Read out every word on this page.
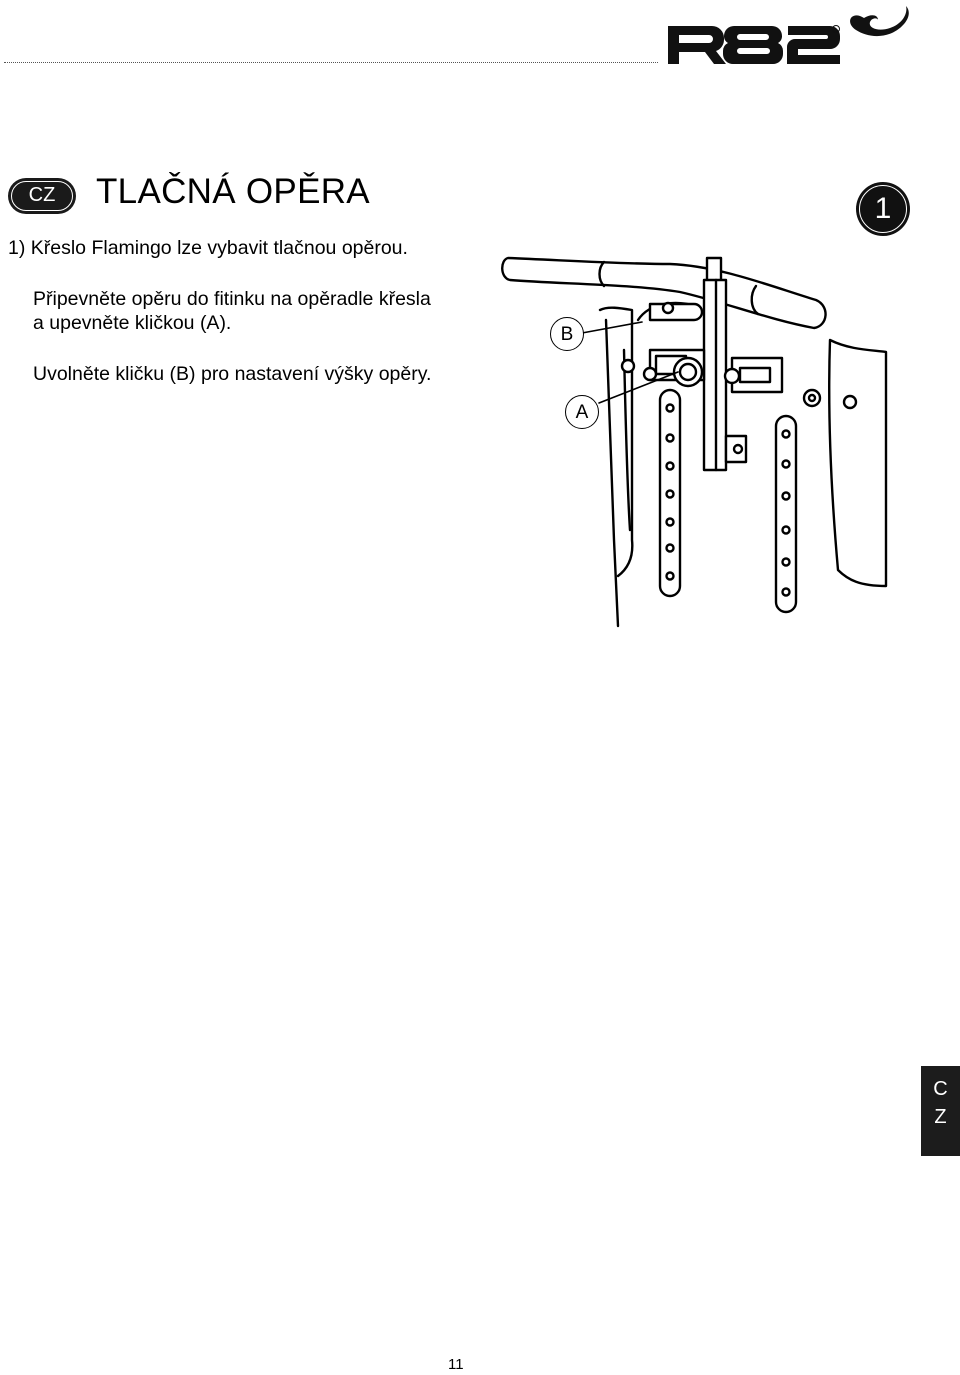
CZ	TLAČNÁ OPĚRA
1) Křeslo Flamingo lze vybavit tlačnou opěrou.
Připevněte opěru do fitinku na opěradle křesla
a upevněte kličkou (A).
Uvolněte kličku (B) pro nastavení výšky opěry.
1
B
A
C
Z
11
